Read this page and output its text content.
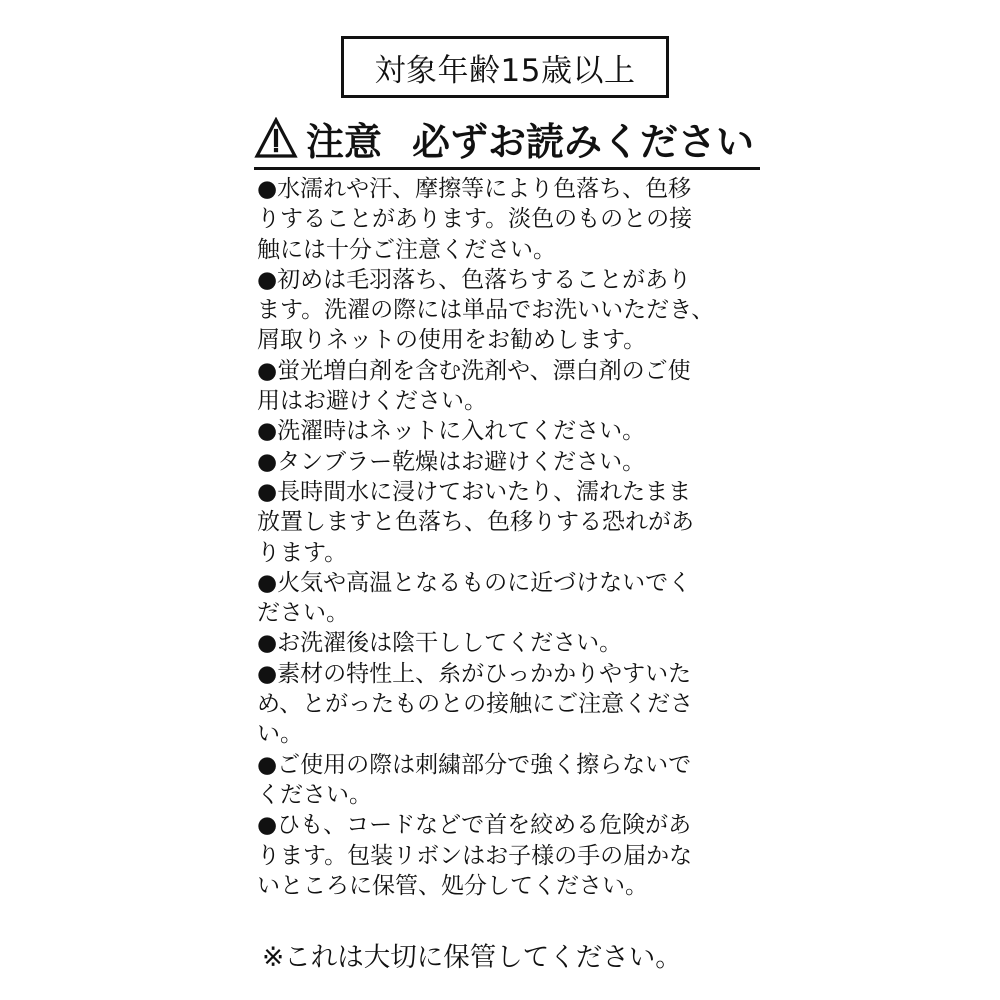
対象年齢15歳以上
注意 必ずお読みください
●水濡れや汗、摩擦等により色落ち、色移
りすることがあります。淡色のものとの接
触には十分ご注意ください。
●初めは毛羽落ち、色落ちすることがあり
ます。洗濯の際には単品でお洗いいただき、
屑取りネットの使用をお勧めします。
●蛍光増白剤を含む洗剤や、漂白剤のご使
用はお避けください。
●洗濯時はネットに入れてください。
●タンブラー乾燥はお避けください。
●長時間水に浸けておいたり、濡れたまま
放置しますと色落ち、色移りする恐れがあ
ります。
●火気や高温となるものに近づけないでく
ださい。
●お洗濯後は陰干ししてください。
●素材の特性上、糸がひっかかりやすいた
め、とがったものとの接触にご注意くださ
い。
●ご使用の際は刺繍部分で強く擦らないで
ください。
●ひも、コードなどで首を絞める危険があ
ります。包装リボンはお子様の手の届かな
いところに保管、処分してください。
※これは大切に保管してください。
